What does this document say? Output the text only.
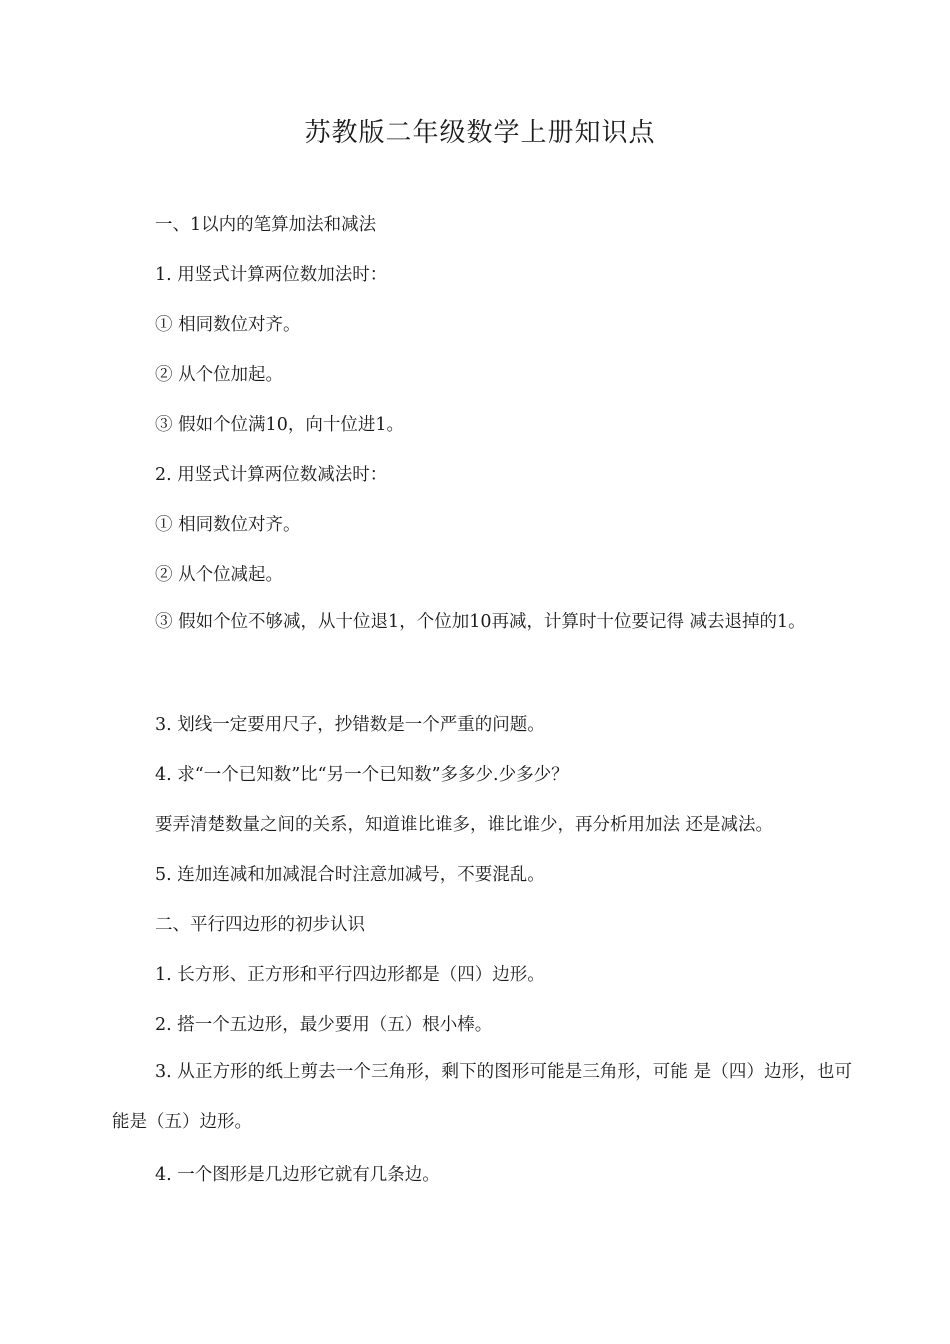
苏教版二年级数学上册知识点
一、1以内的笔算加法和减法
1. 用竖式计算两位数加法时：
① 相同数位对齐。
② 从个位加起。
③ 假如个位满10，向十位进1。
2. 用竖式计算两位数减法时：
① 相同数位对齐。
② 从个位减起。

③ 假如个位不够减，从十位退1，个位加10再减，计算时十位要记得 减去退掉的1。

3. 划线一定要用尺子，抄错数是一个严重的问题。
4. 求“一个已知数”比“另一个已知数”多多少.少多少？
要弄清楚数量之间的关系，知道谁比谁多，谁比谁少，再分析用加法 还是减法。
5. 连加连减和加减混合时注意加减号，不要混乱。
二、平行四边形的初步认识
1. 长方形、正方形和平行四边形都是（四）边形。
2. 搭一个五边形，最少要用（五）根小棒。

3. 从正方形的纸上剪去一个三角形，剩下的图形可能是三角形，可能 是（四）边形，也可能是（五）边形。

4. 一个图形是几边形它就有几条边。
